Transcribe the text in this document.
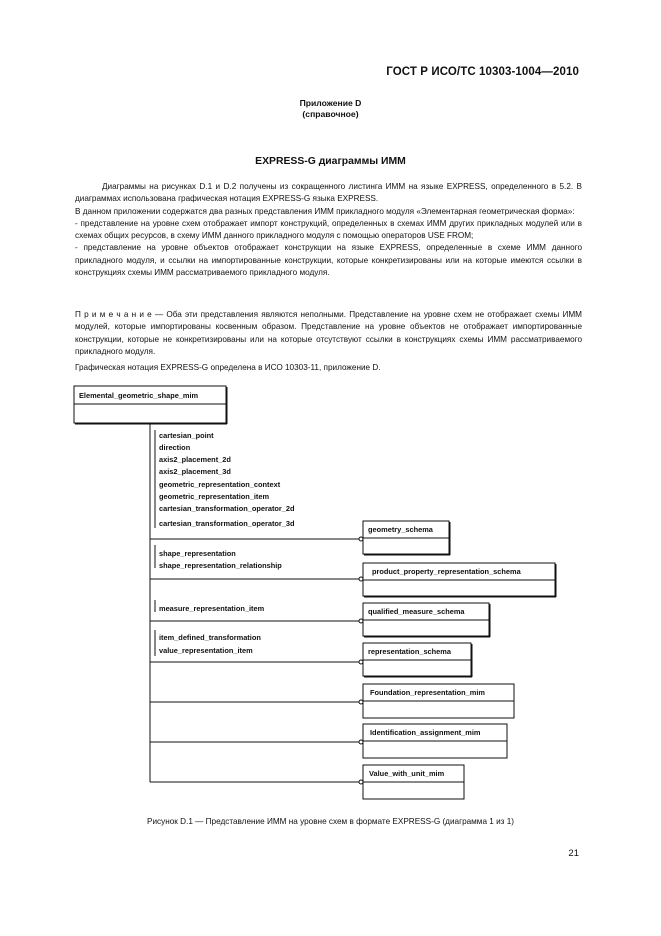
ГОСТ Р ИСО/ТС 10303-1004—2010
Приложение D
(справочное)
EXPRESS-G диаграммы ИММ

Диаграммы на рисунках D.1 и D.2 получены из сокращенного листинга ИММ на языке EXPRESS, определенного в 5.2. В диаграммах использована графическая нотация EXPRESS-G языка EXPRESS.

В данном приложении содержатся два разных представления ИММ прикладного модуля «Элементарная геометрическая форма»:

- представление на уровне схем отображает импорт конструкций, определенных в схемах ИММ других прикладных модулей или в схемах общих ресурсов, в схему ИММ данного прикладного модуля с помощью операторов USE FROM;

- представление на уровне объектов отображает конструкции на языке EXPRESS, определенные в схеме ИММ данного прикладного модуля, и ссылки на импортированные конструкции, которые конкретизированы или на которые имеются ссылки в конструкциях схемы ИММ рассматриваемого прикладного модуля.

П р и м е ч а н и е — Оба эти представления являются неполными. Представление на уровне схем не отображает схемы ИММ модулей, которые импортированы косвенным образом. Представление на уровне объектов не отображает импортированные конструкции, которые не конкретизированы или на которые отсутствуют ссылки в конструкциях схемы ИММ рассматриваемого прикладного модуля.

Графическая нотация EXPRESS-G определена в ИСО 10303-11, приложение D.

Elemental_geometric_shape_mim
cartesian_point
direction
axis2_placement_2d
axis2_placement_3d
geometric_representation_context
geometric_representation_item
cartesian_transformation_operator_2d
cartesian_transformation_operator_3d
geometry_schema
shape_representation
shape_representation_relationship
product_property_representation_schema
measure_representation_item	qualified_measure_schema
item_defined_transformation
value_representation_item	representation_schema
Foundation_representation_mim
Identification_assignment_mim
Value_with_unit_mim
Рисунок D.1 — Представление ИММ на уровне схем в формате EXPRESS-G (диаграмма 1 из 1)
21
